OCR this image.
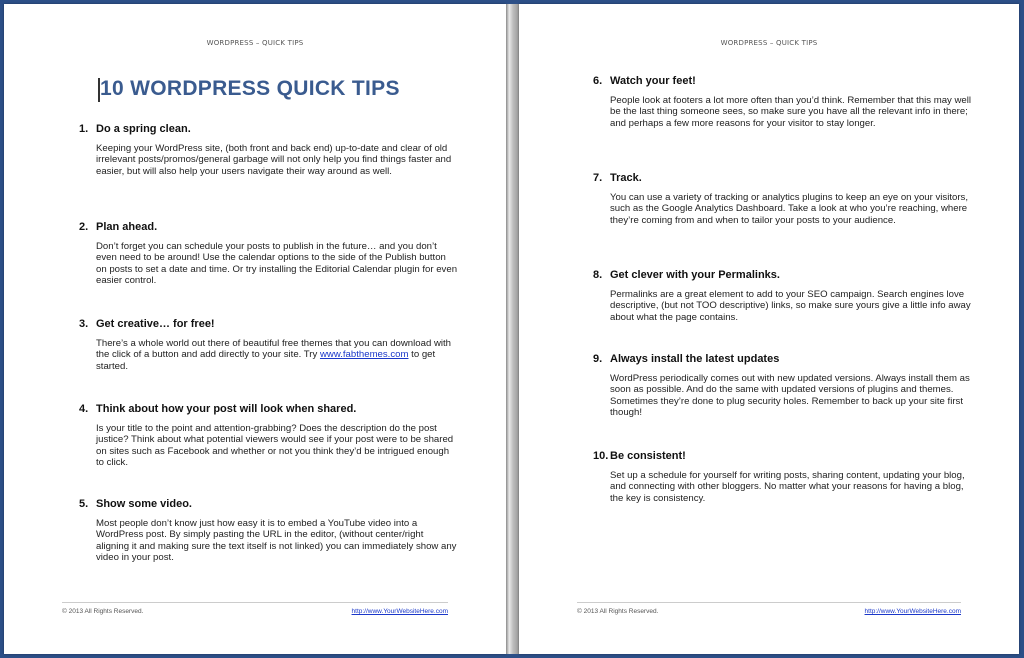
WORDPRESS – QUICK TIPS
10 WORDPRESS QUICK TIPS
1. Do a spring clean.
Keeping your WordPress site, (both front and back end) up-to-date and clear of old irrelevant posts/promos/general garbage will not only help you find things faster and easier, but will also help your users navigate their way around as well.
2. Plan ahead.
Don’t forget you can schedule your posts to publish in the future… and you don’t even need to be around! Use the calendar options to the side of the Publish button on posts to set a date and time. Or try installing the Editorial Calendar plugin for even easier control.
3. Get creative… for free!
There’s a whole world out there of beautiful free themes that you can download with the click of a button and add directly to your site. Try www.fabthemes.com to get started.
4. Think about how your post will look when shared.
Is your title to the point and attention-grabbing? Does the description do the post justice? Think about what potential viewers would see if your post were to be shared on sites such as Facebook and whether or not you think they’d be intrigued enough to click.
5. Show some video.
Most people don’t know just how easy it is to embed a YouTube video into a WordPress post. By simply pasting the URL in the editor, (without center/right aligning it and making sure the text itself is not linked) you can immediately show any video in your post.
© 2013 All Rights Reserved.	http://www.YourWebsiteHere.com
WORDPRESS – QUICK TIPS
6. Watch your feet!
People look at footers a lot more often than you’d think. Remember that this may well be the last thing someone sees, so make sure you have all the relevant info in there; and perhaps a few more reasons for your visitor to stay longer.
7. Track.
You can use a variety of tracking or analytics plugins to keep an eye on your visitors, such as the Google Analytics Dashboard. Take a look at who you’re reaching, where they’re coming from and when to tailor your posts to your audience.
8. Get clever with your Permalinks.
Permalinks are a great element to add to your SEO campaign. Search engines love descriptive, (but not TOO descriptive) links, so make sure yours give a little info away about what the page contains.
9. Always install the latest updates
WordPress periodically comes out with new updated versions. Always install them as soon as possible. And do the same with updated versions of plugins and themes. Sometimes they’re done to plug security holes. Remember to back up your site first though!
10. Be consistent!
Set up a schedule for yourself for writing posts, sharing content, updating your blog, and connecting with other bloggers. No matter what your reasons for having a blog, the key is consistency.
© 2013 All Rights Reserved.	http://www.YourWebsiteHere.com
